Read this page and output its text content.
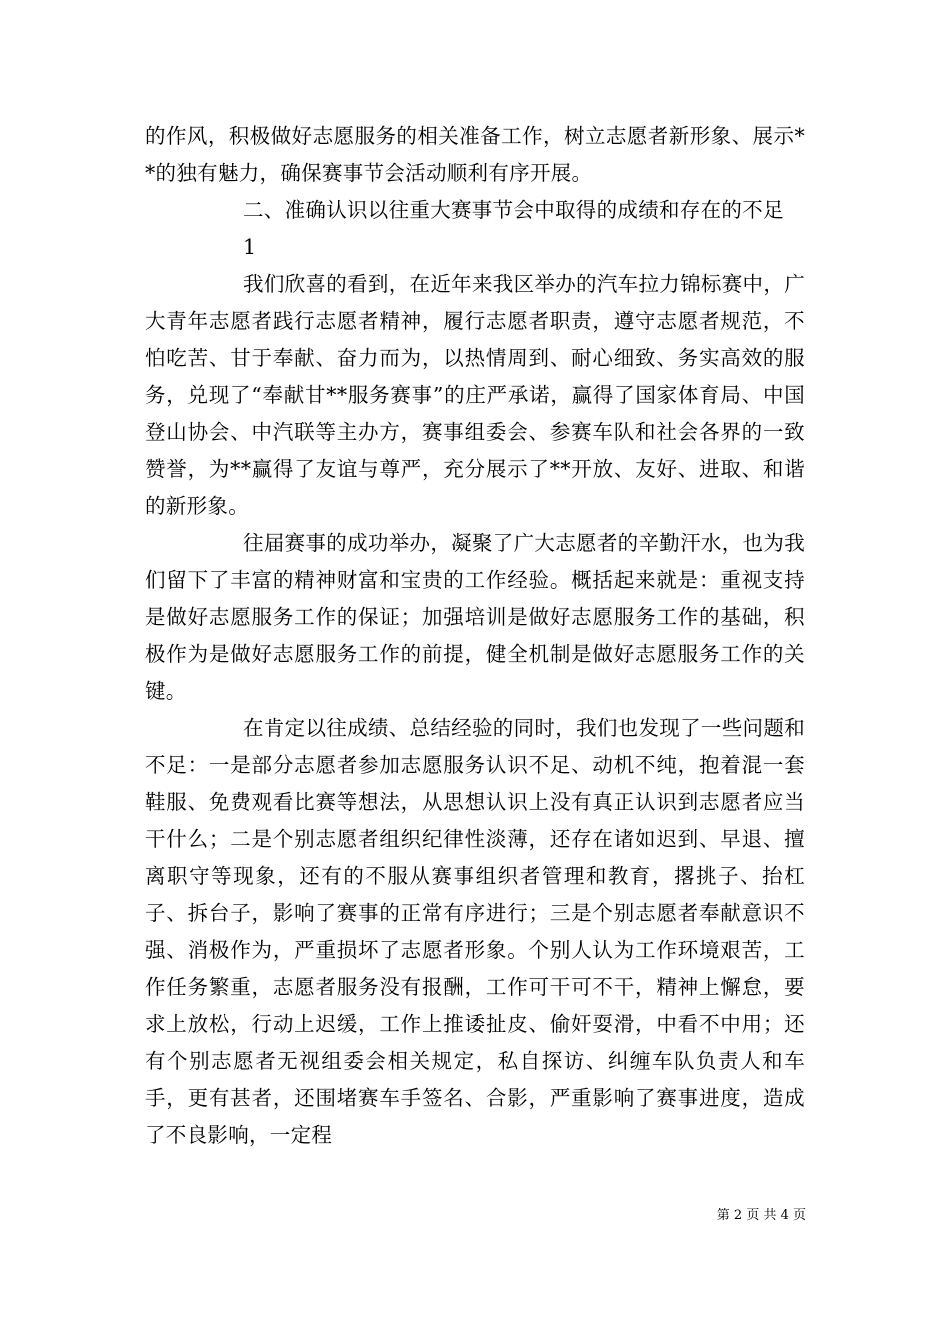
的作风，积极做好志愿服务的相关准备工作，树立志愿者新形象、展示**的独有魅力，确保赛事节会活动顺利有序开展。

二、准确认识以往重大赛事节会中取得的成绩和存在的不足

1

我们欣喜的看到，在近年来我区举办的汽车拉力锦标赛中，广大青年志愿者践行志愿者精神，履行志愿者职责，遵守志愿者规范，不怕吃苦、甘于奉献、奋力而为，以热情周到、耐心细致、务实高效的服务，兑现了“奉献甘**服务赛事”的庄严承诺，赢得了国家体育局、中国登山协会、中汽联等主办方，赛事组委会、参赛车队和社会各界的一致赞誉，为**赢得了友谊与尊严，充分展示了**开放、友好、进取、和谐的新形象。

往届赛事的成功举办，凝聚了广大志愿者的辛勤汗水，也为我们留下了丰富的精神财富和宝贵的工作经验。概括起来就是：重视支持是做好志愿服务工作的保证；加强培训是做好志愿服务工作的基础，积极作为是做好志愿服务工作的前提，健全机制是做好志愿服务工作的关键。

在肯定以往成绩、总结经验的同时，我们也发现了一些问题和不足：一是部分志愿者参加志愿服务认识不足、动机不纯，抱着混一套鞋服、免费观看比赛等想法，从思想认识上没有真正认识到志愿者应当干什么；二是个别志愿者组织纪律性淡薄，还存在诸如迟到、早退、擅离职守等现象，还有的不服从赛事组织者管理和教育，撂挑子、抬杠子、拆台子，影响了赛事的正常有序进行；三是个别志愿者奉献意识不强、消极作为，严重损坏了志愿者形象。个别人认为工作环境艰苦，工作任务繁重，志愿者服务没有报酬，工作可干可不干，精神上懈怠，要求上放松，行动上迟缓，工作上推诿扯皮、偷奸耍滑，中看不中用；还有个别志愿者无视组委会相关规定，私自探访、纠缠车队负责人和车手，更有甚者，还围堵赛车手签名、合影，严重影响了赛事进度，造成了不良影响，一定程

第 2 页 共 4 页
